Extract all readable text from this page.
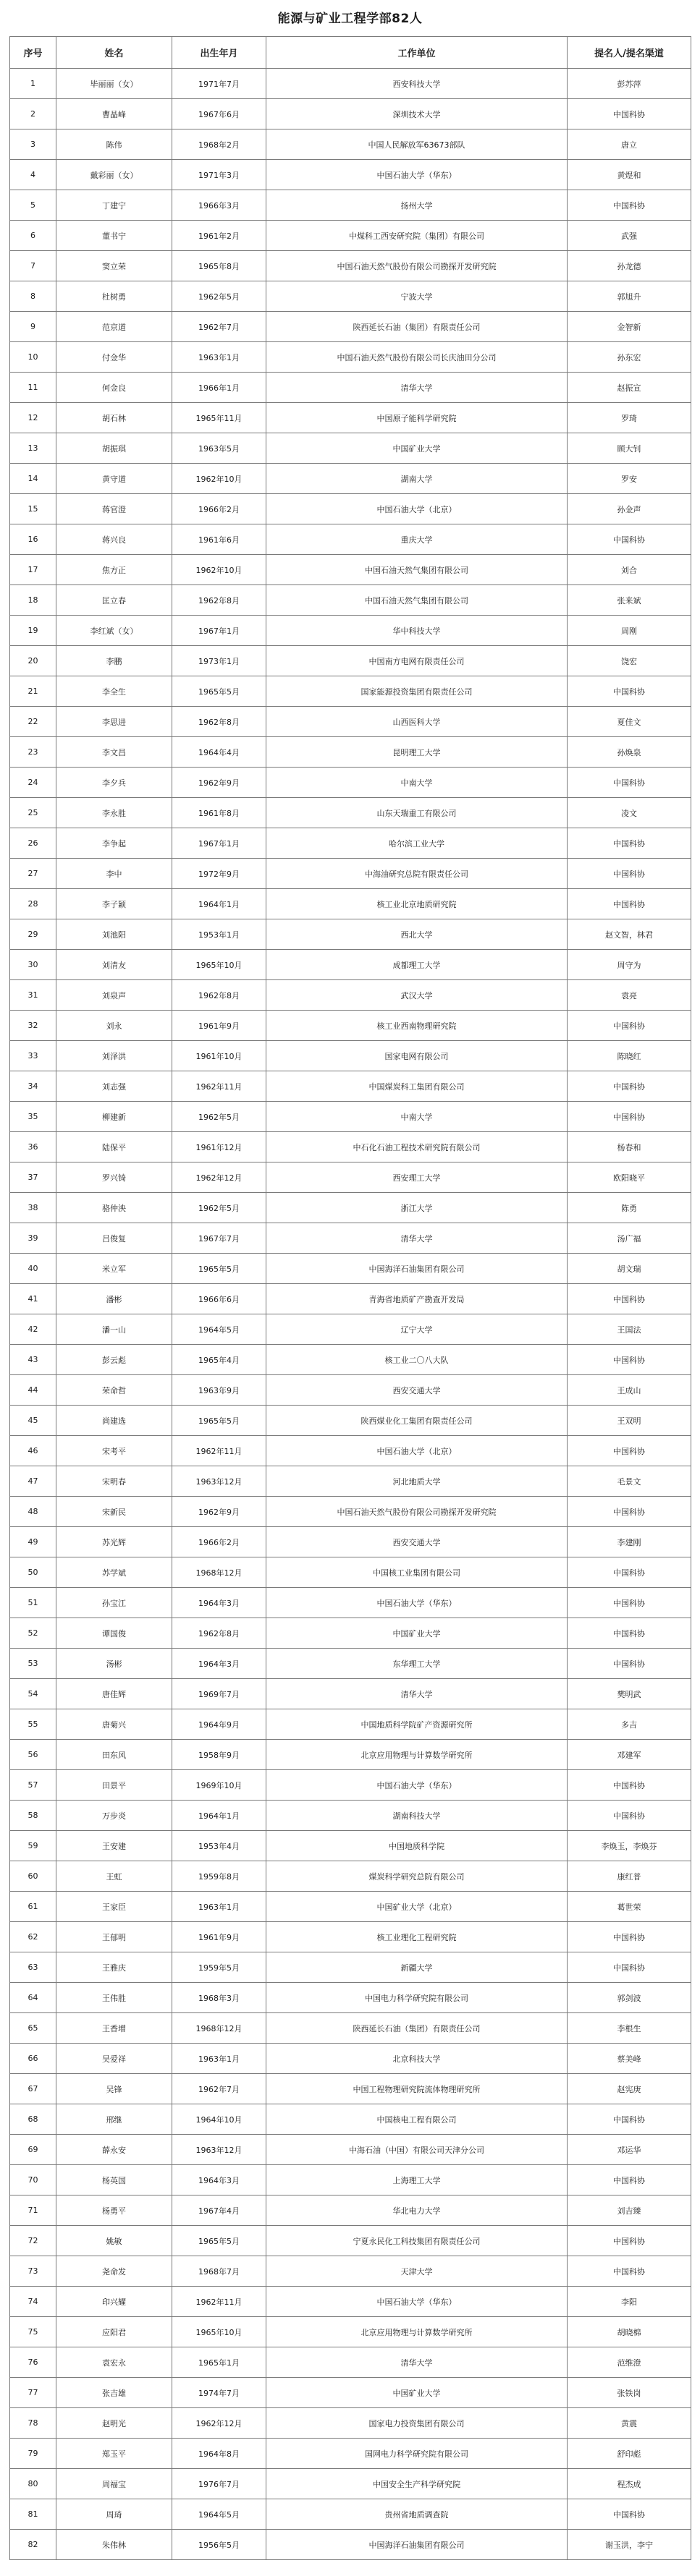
能源与矿业工程学部82人
序号	姓名	出生年月	工作单位	提名人/提名渠道
1	毕丽丽（女）	1971年7月	西安科技大学	彭苏萍
2	曹晶峰	1967年6月	深圳技术大学	中国科协
3	陈伟	1968年2月	中国人民解放军63673部队	唐立
4	戴彩丽（女）	1971年3月	中国石油大学（华东）	黄煜和
5	丁建宁	1966年3月	扬州大学	中国科协
6	董书宁	1961年2月	中煤科工西安研究院（集团）有限公司	武强
7	窦立荣	1965年8月	中国石油天然气股份有限公司勘探开发研究院	孙龙德
8	杜树勇	1962年5月	宁波大学	郭旭升
9	范京道	1962年7月	陕西延长石油（集团）有限责任公司	金智新
10	付金华	1963年1月	中国石油天然气股份有限公司长庆油田分公司	孙东宏
11	何金良	1966年1月	清华大学	赵振宣
12	胡石林	1965年11月	中国原子能科学研究院	罗琦
13	胡振琪	1963年5月	中国矿业大学	顾大钊
14	黄守道	1962年10月	湖南大学	罗安
15	蒋官澄	1966年2月	中国石油大学（北京）	孙金声
16	蒋兴良	1961年6月	重庆大学	中国科协
17	焦方正	1962年10月	中国石油天然气集团有限公司	刘合
18	匡立春	1962年8月	中国石油天然气集团有限公司	张来斌
19	李红斌（女）	1967年1月	华中科技大学	周刚
20	李鹏	1973年1月	中国南方电网有限责任公司	饶宏
21	李全生	1965年5月	国家能源投资集团有限责任公司	中国科协
22	李思进	1962年8月	山西医科大学	夏佳文
23	李文昌	1964年4月	昆明理工大学	孙焕泉
24	李夕兵	1962年9月	中南大学	中国科协
25	李永胜	1961年8月	山东天瑞重工有限公司	凌文
26	李争起	1967年1月	哈尔滨工业大学	中国科协
27	李中	1972年9月	中海油研究总院有限责任公司	中国科协
28	李子颖	1964年1月	核工业北京地质研究院	中国科协
29	刘池阳	1953年1月	西北大学	赵文智，林君
30	刘清友	1965年10月	成都理工大学	周守为
31	刘泉声	1962年8月	武汉大学	袁亮
32	刘永	1961年9月	核工业西南物理研究院	中国科协
33	刘泽洪	1961年10月	国家电网有限公司	陈晓红
34	刘志强	1962年11月	中国煤炭科工集团有限公司	中国科协
35	柳建新	1962年5月	中南大学	中国科协
36	陆保平	1961年12月	中石化石油工程技术研究院有限公司	杨春和
37	罗兴锜	1962年12月	西安理工大学	欧阳晓平
38	骆仲泱	1962年5月	浙江大学	陈勇
39	吕俊复	1967年7月	清华大学	汤广福
40	米立军	1965年5月	中国海洋石油集团有限公司	胡文瑞
41	潘彬	1966年6月	青海省地质矿产勘查开发局	中国科协
42	潘一山	1964年5月	辽宁大学	王国法
43	彭云彪	1965年4月	核工业二〇八大队	中国科协
44	荣命哲	1963年9月	西安交通大学	王成山
45	尚建选	1965年5月	陕西煤业化工集团有限责任公司	王双明
46	宋考平	1962年11月	中国石油大学（北京）	中国科协
47	宋明春	1963年12月	河北地质大学	毛景文
48	宋新民	1962年9月	中国石油天然气股份有限公司勘探开发研究院	中国科协
49	苏光辉	1966年2月	西安交通大学	李建刚
50	苏学斌	1968年12月	中国核工业集团有限公司	中国科协
51	孙宝江	1964年3月	中国石油大学（华东）	中国科协
52	谭国俊	1962年8月	中国矿业大学	中国科协
53	汤彬	1964年3月	东华理工大学	中国科协
54	唐佳辉	1969年7月	清华大学	樊明武
55	唐菊兴	1964年9月	中国地质科学院矿产资源研究所	多吉
56	田东风	1958年9月	北京应用物理与计算数学研究所	邓建军
57	田景平	1969年10月	中国石油大学（华东）	中国科协
58	万步炎	1964年1月	湖南科技大学	中国科协
59	王安建	1953年4月	中国地质科学院	李焕玉，李焕芬
60	王虹	1959年8月	煤炭科学研究总院有限公司	康红普
61	王家臣	1963年1月	中国矿业大学（北京）	葛世荣
62	王郁明	1961年9月	核工业理化工程研究院	中国科协
63	王雅庆	1959年5月	新疆大学	中国科协
64	王伟胜	1968年3月	中国电力科学研究院有限公司	郭剑波
65	王香增	1968年12月	陕西延长石油（集团）有限责任公司	李根生
66	吴爱祥	1963年1月	北京科技大学	蔡美峰
67	吴锋	1962年7月	中国工程物理研究院流体物理研究所	赵宪庚
68	邢继	1964年10月	中国核电工程有限公司	中国科协
69	薛永安	1963年12月	中海石油（中国）有限公司天津分公司	邓运华
70	杨英国	1964年3月	上海理工大学	中国科协
71	杨勇平	1967年4月	华北电力大学	刘吉臻
72	姚敏	1965年5月	宁夏永民化工科技集团有限责任公司	中国科协
73	尧命发	1968年7月	天津大学	中国科协
74	印兴耀	1962年11月	中国石油大学（华东）	李阳
75	应阳君	1965年10月	北京应用物理与计算数学研究所	胡晓棉
76	袁宏永	1965年1月	清华大学	范维澄
77	张吉雄	1974年7月	中国矿业大学	张铁岗
78	赵明光	1962年12月	国家电力投资集团有限公司	黄震
79	郑玉平	1964年8月	国网电力科学研究院有限公司	舒印彪
80	周福宝	1976年7月	中国安全生产科学研究院	程杰成
81	周琦	1964年5月	贵州省地质调查院	中国科协
82	朱伟林	1956年5月	中国海洋石油集团有限公司	谢玉洪，李宁
